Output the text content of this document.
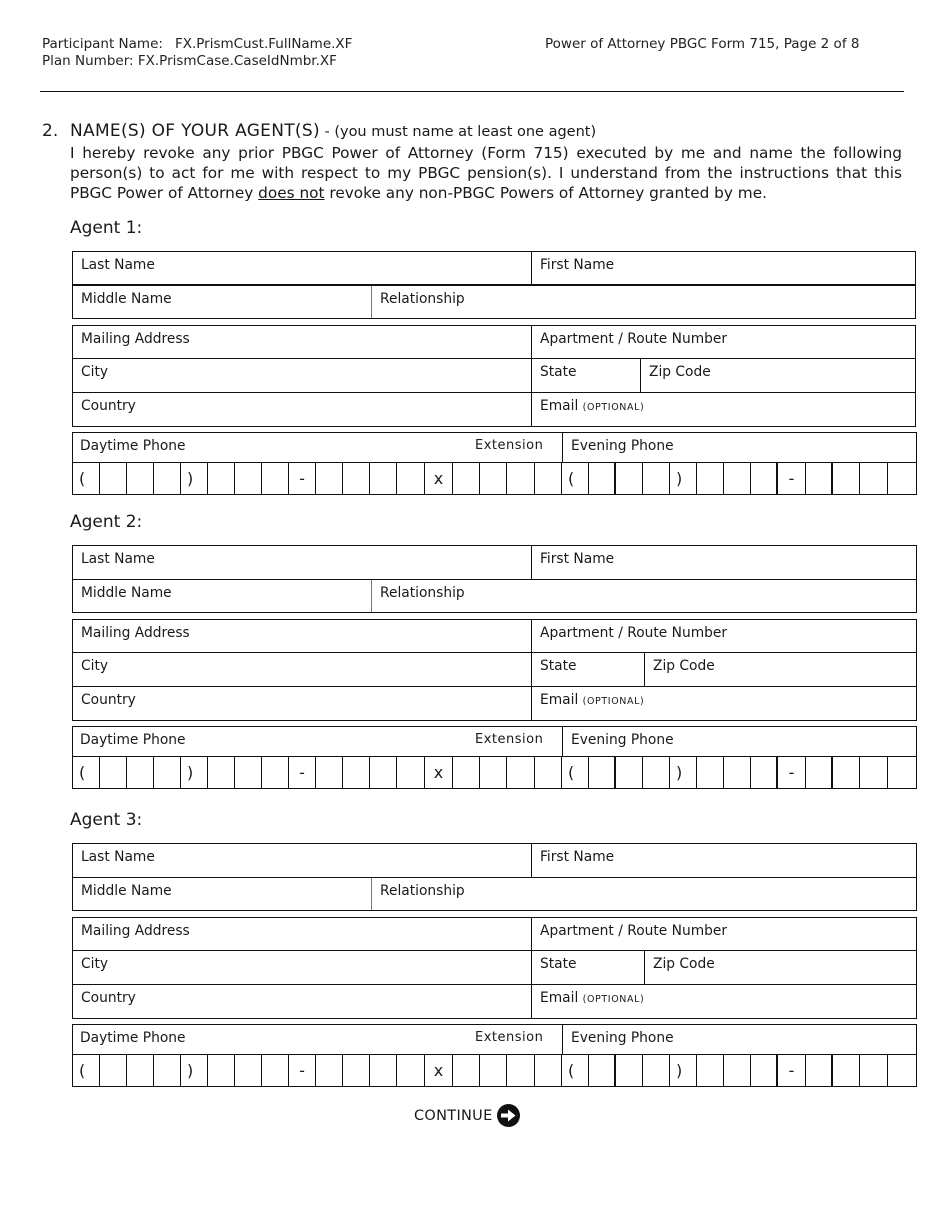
Participant Name: FX.PrismCust.FullName.XF
Plan Number: FX.PrismCase.CaseIdNmbr.XF
Power of Attorney PBGC Form 715, Page 2 of 8
2. NAME(S) OF YOUR AGENT(S) - (you must name at least one agent)
I hereby revoke any prior PBGC Power of Attorney (Form 715) executed by me and name the following person(s) to act for me with respect to my PBGC pension(s). I understand from the instructions that this PBGC Power of Attorney does not revoke any non-PBGC Powers of Attorney granted by me.
Agent 1:
Last Name	First Name
Middle Name	Relationship
Mailing Address	Apartment / Route Number
City	State	Zip Code
Country	Email (OPTIONAL)
Daytime Phone	Extension Evening Phone
(	)	-	x	(	)	-
Agent 2:
Last Name	First Name
Middle Name	Relationship
Mailing Address	Apartment / Route Number
City	State	Zip Code
Country	Email (OPTIONAL)
Daytime Phone	Extension Evening Phone
(	)	-	x	(	)	-
Agent 3:
Last Name	First Name
Middle Name	Relationship
Mailing Address	Apartment / Route Number
City	State	Zip Code
Country	Email (OPTIONAL)
Daytime Phone	Extension Evening Phone
(	)	-	x	(	)	-
CONTINUE
